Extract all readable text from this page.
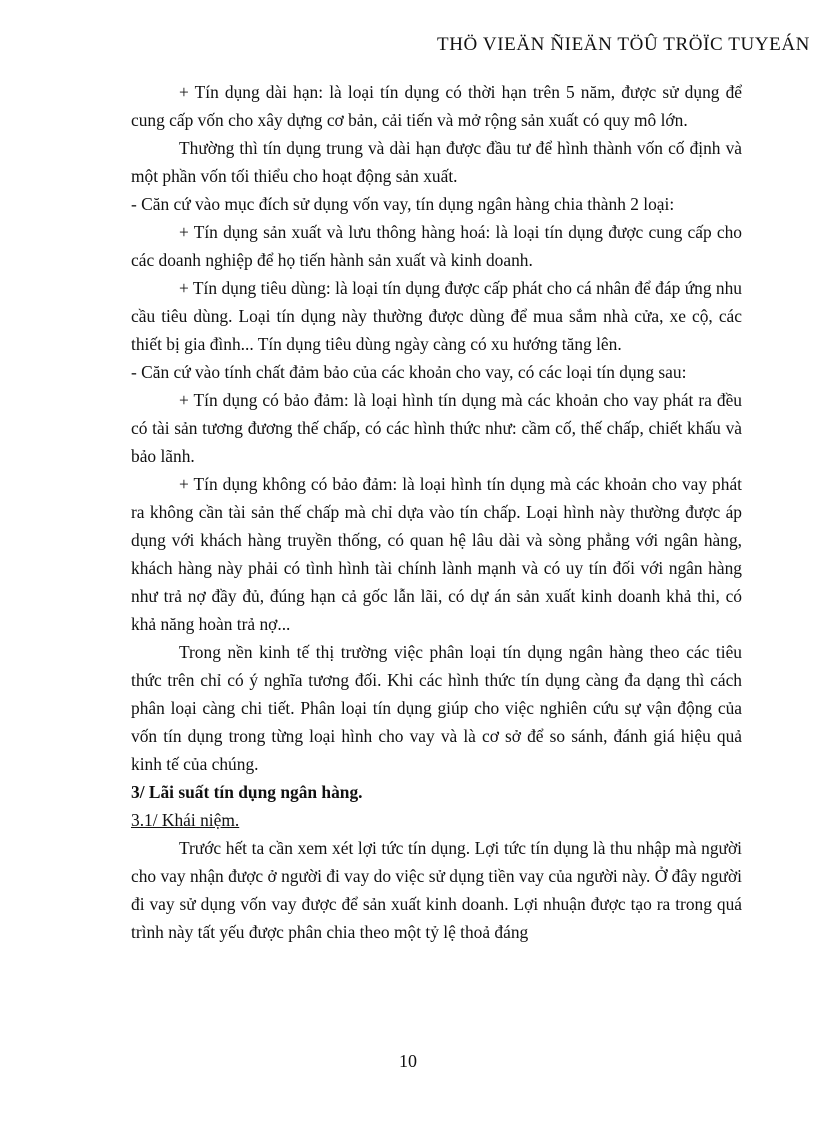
THÖ VIEÄN ÑIEÄN TÖÛ TRÖÏC TUYEÁN

+ Tín dụng dài hạn: là loại tín dụng có thời hạn trên 5 năm, được sử dụng để cung cấp vốn cho xây dựng cơ bản, cải tiến và mở rộng sản xuất có quy mô lớn.

Thường thì tín dụng trung và dài hạn được đầu tư để hình thành vốn cố định và một phần vốn tối thiểu cho hoạt động sản xuất.

- Căn cứ vào mục đích sử dụng vốn vay, tín dụng ngân hàng chia thành 2 loại:

+ Tín dụng sản xuất và lưu thông hàng hoá: là loại tín dụng được cung cấp cho các doanh nghiệp để họ tiến hành sản xuất và kinh doanh.

+ Tín dụng tiêu dùng: là loại tín dụng được cấp phát cho cá nhân để đáp ứng nhu cầu tiêu dùng. Loại tín dụng này thường được dùng để mua sắm nhà cửa, xe cộ, các thiết bị gia đình... Tín dụng tiêu dùng ngày càng có xu hướng tăng lên.

- Căn cứ vào tính chất đảm bảo của các khoản cho vay, có các loại tín dụng sau:

+ Tín dụng có bảo đảm: là loại hình tín dụng mà các khoản cho vay phát ra đều có tài sản tương đương thế chấp, có các hình thức như: cầm cố, thế chấp, chiết khấu và bảo lãnh.

+ Tín dụng không có bảo đảm: là loại hình tín dụng mà các khoản cho vay phát ra không cần tài sản thế chấp mà chỉ dựa vào tín chấp. Loại hình này thường được áp dụng với khách hàng truyền thống, có quan hệ lâu dài và sòng phẳng với ngân hàng, khách hàng này phải có tình hình tài chính lành mạnh và có uy tín đối với ngân hàng như trả nợ đầy đủ, đúng hạn cả gốc lẫn lãi, có dự án sản xuất kinh doanh khả thi, có khả năng hoàn trả nợ...

Trong nền kinh tế thị trường việc phân loại tín dụng ngân hàng theo các tiêu thức trên chỉ có ý nghĩa tương đối. Khi các hình thức tín dụng càng đa dạng thì cách phân loại càng chi tiết. Phân loại tín dụng giúp cho việc nghiên cứu sự vận động của vốn tín dụng trong từng loại hình cho vay và là cơ sở để so sánh, đánh giá hiệu quả kinh tế của chúng.

3/ Lãi suất tín dụng ngân hàng.

3.1/ Khái niệm.

Trước hết ta cần xem xét lợi tức tín dụng. Lợi tức tín dụng là thu nhập mà người cho vay nhận được ở người đi vay do việc sử dụng tiền vay của người này. Ở đây người đi vay sử dụng vốn vay được để sản xuất kinh doanh. Lợi nhuận được tạo ra trong quá trình này tất yếu được phân chia theo một tỷ lệ thoả đáng

10
